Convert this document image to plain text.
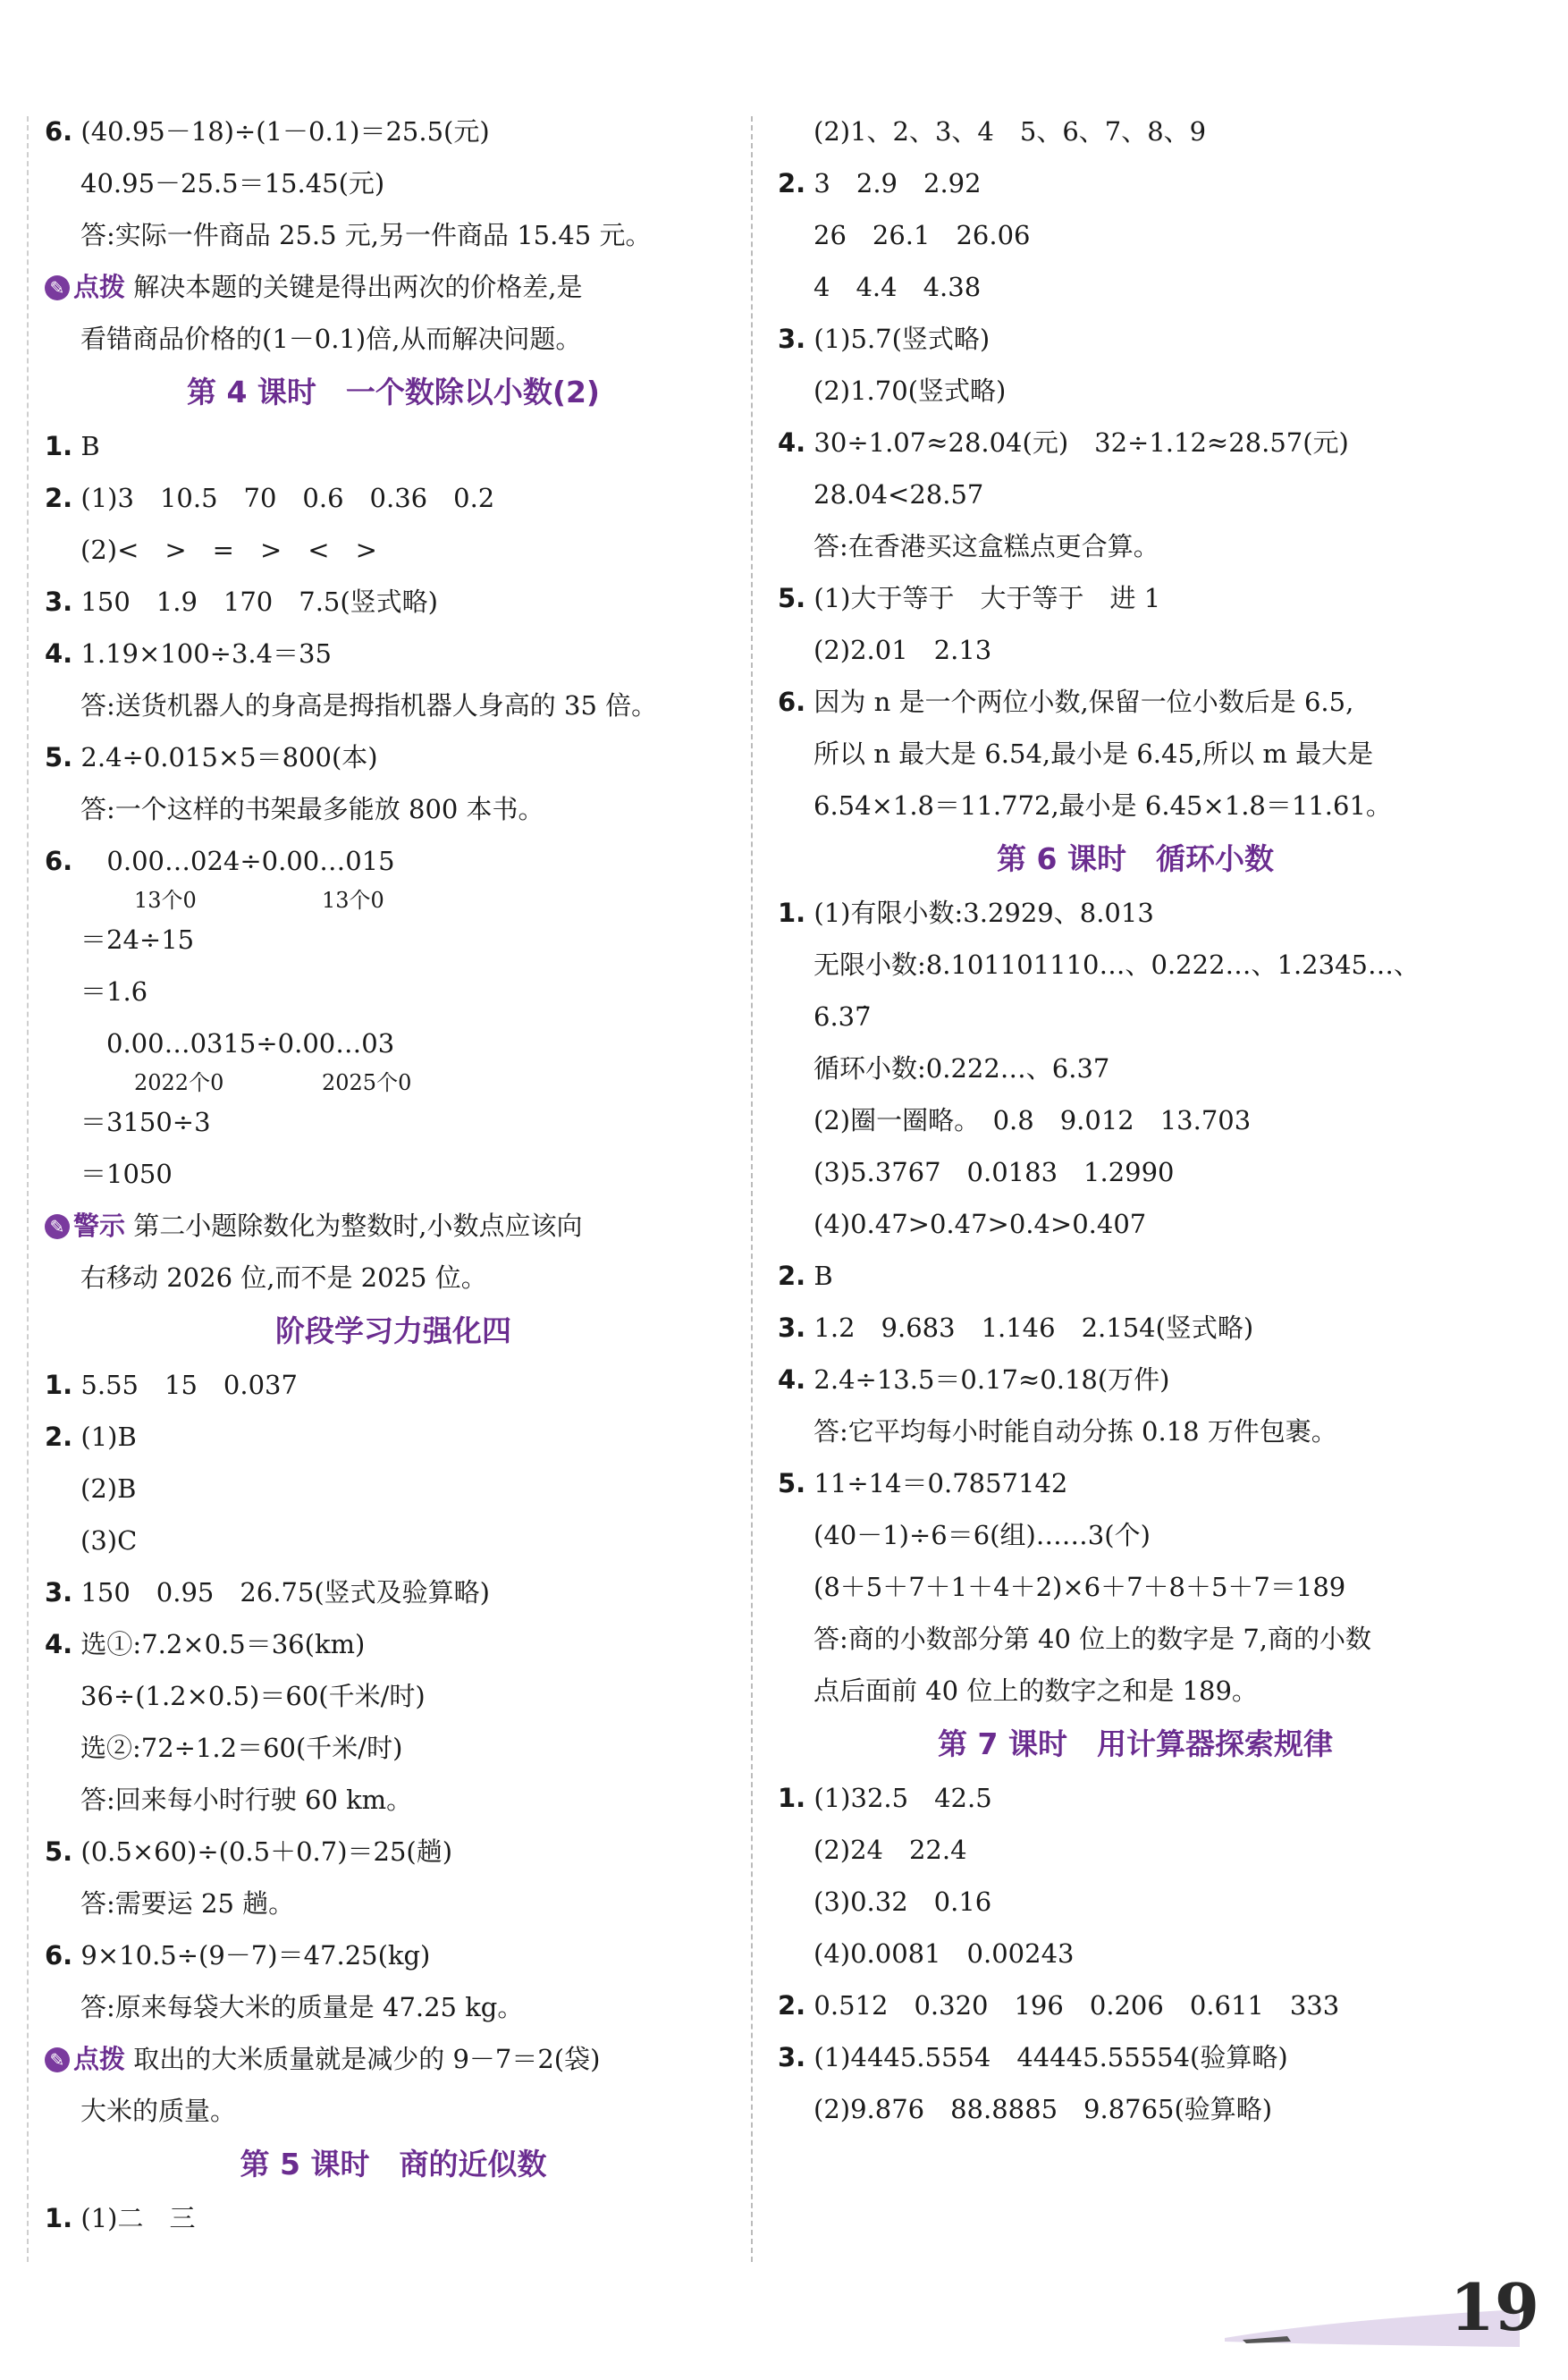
6. (40.95－18)÷(1－0.1)＝25.5(元)
40.95－25.5＝15.45(元)
答:实际一件商品 25.5 元,另一件商品 15.45 元。
✎ 点拨 解决本题的关键是得出两次的价格差,是
看错商品价格的(1－0.1)倍,从而解决问题。
第 4 课时　一个数除以小数(2)
1. B
2. (1)3　10.5　70　0.6　0.36　0.2
(2)<　>　=　>　<　>
3. 150　1.9　170　7.5(竖式略)
4. 1.19×100÷3.4＝35
答:送货机器人的身高是拇指机器人身高的 35 倍。
5. 2.4÷0.015×5＝800(本)
答:一个这样的书架最多能放 800 本书。
6. 　0.00…024÷0.00…015
13个0	13个0
＝24÷15
＝1.6
　0.00…0315÷0.00…03
2022个0	2025个0
＝3150÷3
＝1050
✎ 警示 第二小题除数化为整数时,小数点应该向
右移动 2026 位,而不是 2025 位。
阶段学习力强化四
1. 5.55　15　0.037
2. (1)B
(2)B
(3)C
3. 150　0.95　26.75(竖式及验算略)
4. 选①:7.2×0.5＝36(km)
36÷(1.2×0.5)＝60(千米/时)
选②:72÷1.2＝60(千米/时)
答:回来每小时行驶 60 km。
5. (0.5×60)÷(0.5＋0.7)＝25(趟)
答:需要运 25 趟。
6. 9×10.5÷(9－7)＝47.25(kg)
答:原来每袋大米的质量是 47.25 kg。
✎ 点拨 取出的大米质量就是减少的 9－7＝2(袋)
大米的质量。
第 5 课时　商的近似数
1. (1)二　三
(2)1、2、3、4　5、6、7、8、9
2. 3　2.9　2.92
26　26.1　26.06
4　4.4　4.38
3. (1)5.7(竖式略)
(2)1.70(竖式略)
4. 30÷1.07≈28.04(元)　32÷1.12≈28.57(元)
28.04<28.57
答:在香港买这盒糕点更合算。
5. (1)大于等于　大于等于　进 1
(2)2.01　2.13
6. 因为 n 是一个两位小数,保留一位小数后是 6.5,
所以 n 最大是 6.54,最小是 6.45,所以 m 最大是
6.54×1.8＝11.772,最小是 6.45×1.8＝11.61。
第 6 课时　循环小数
1. (1)有限小数:3.2929、8.013
无限小数:8.101101110…、0.222…、1.2345…、
6.37̇
循环小数:0.222…、6.37
(2)圈一圈略。　0.8　9.012　13.703
(3)5.3767　0.0183　1.2990
(4)0.47>0.47>0.4>0.407
2. B
3. 1.2　9.683　1.146　2.154(竖式略)
4. 2.4÷13.5＝0.17≈0.18(万件)
答:它平均每小时能自动分拣 0.18 万件包裹。
5. 11÷14＝0.7857142
(40－1)÷6＝6(组)……3(个)
(8＋5＋7＋1＋4＋2)×6＋7＋8＋5＋7＝189
答:商的小数部分第 40 位上的数字是 7,商的小数
点后面前 40 位上的数字之和是 189。
第 7 课时　用计算器探索规律
1. (1)32.5　42.5
(2)24　22.4
(3)0.32　0.16
(4)0.0081　0.00243
2. 0.512　0.320　196　0.206　0.611　333
3. (1)4445.5554　44445.55554(验算略)
(2)9.876　88.8885　9.8765(验算略)
19
